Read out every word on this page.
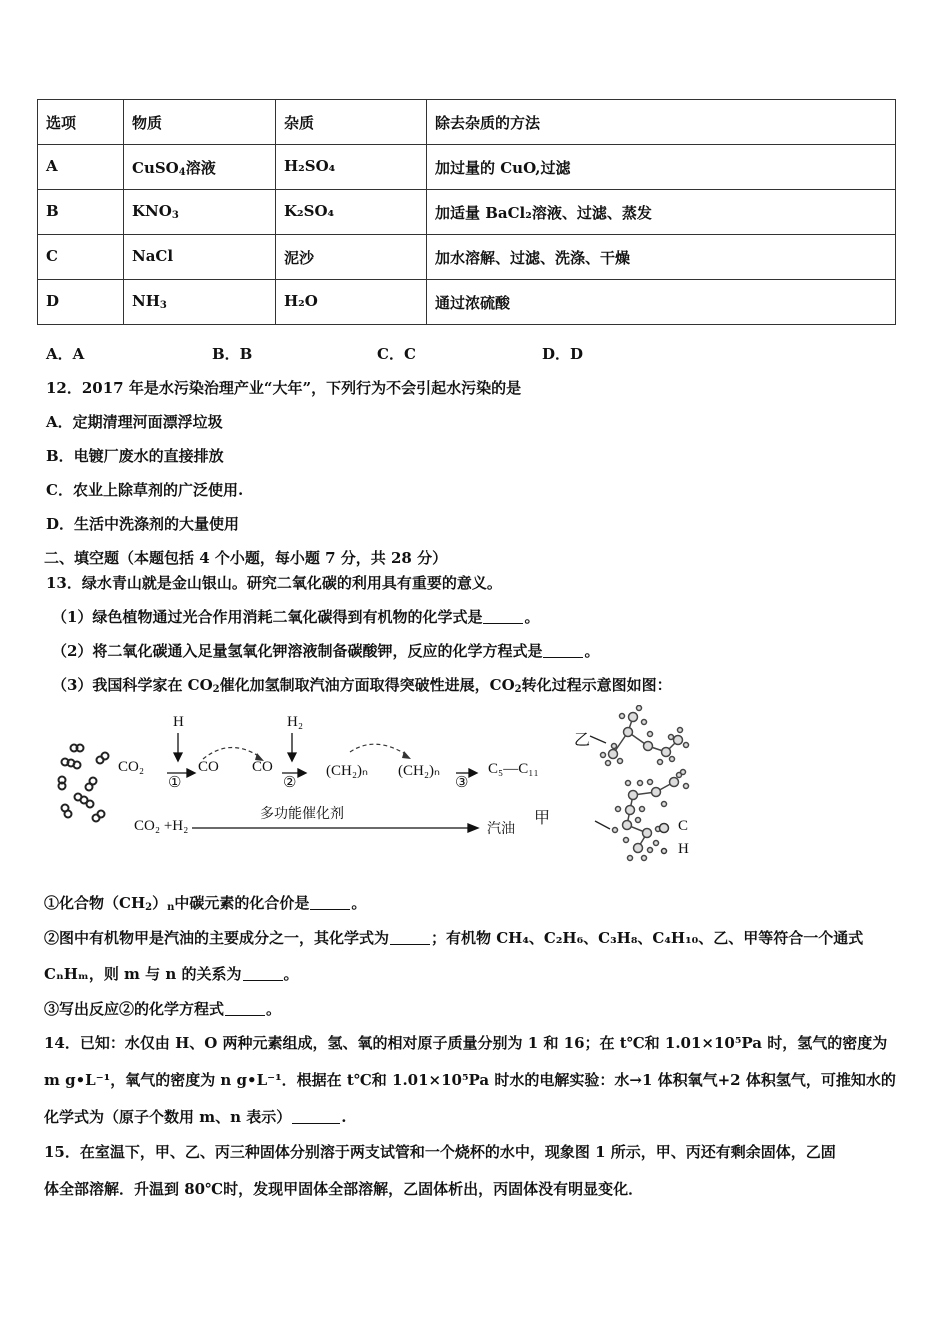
选项	物质	杂质	除去杂质的方法
A	CuSO$_4$溶液	H₂SO₄	加过量的 CuO,过滤
B	$KNO_3$	K₂SO₄	加适量 BaCl₂溶液、过滤、蒸发
C	NaCl	泥沙	加水溶解、过滤、洗涤、干燥
D	$NH_3$	H₂O	通过浓硫酸
A．A	B．B	C．C	D．D
12．2017 年是水污染治理产业“大年”，下列行为不会引起水污染的是
A．定期清理河面漂浮垃圾
B．电镀厂废水的直接排放
C．农业上除草剂的广泛使用.
D．生活中洗涤剂的大量使用
二、填空题（本题包括 4 个小题，每小题 7 分，共 28 分）
13．绿水青山就是金山银山。研究二氧化碳的利用具有重要的意义。
（1）绿色植物通过光合作用消耗二氧化碳得到有机物的化学式是	。
（2）将二氧化碳通入足量氢氧化钾溶液制备碳酸钾，反应的化学方程式是	。
（3）我国科学家在 $CO_2$催化加氢制取汽油方面取得突破性进展，$CO_2$转化过程示意图如图：
CO₂
H
①
CO CO
H₂
②
(CH₂)ₙ (CH₂)ₙ
③
C₅—C₁₁
CO₂ +H₂
多功能催化剂
汽油
乙
甲	C
H
①化合物$(CH_2)_n$中碳元素的化合价是	。
②图中有机物甲是汽油的主要成分之一，其化学式为	；有机物 CH₄、C₂H₆、C₃H₈、C₄H₁₀、乙、甲等符合一个通式
CₙHₘ，则 m 与 n 的关系为	。
③写出反应②的化学方程式	。
14．已知：水仅由 H、O 两种元素组成，氢、氧的相对原子质量分别为 1 和 16；在 t℃和 1.01×10⁵Pa 时，氢气的密度为
m g•L⁻¹，氧气的密度为 n g•L⁻¹．根据在 t℃和 1.01×10⁵Pa 时水的电解实验：水→1 体积氧气+2 体积氢气，可推知水的
化学式为（原子个数用 m、n 表示）	.
15．在室温下，甲、乙、丙三种固体分别溶于两支试管和一个烧杯的水中，现象图 1 所示，甲、丙还有剩余固体，乙固
体全部溶解．升温到 80℃时，发现甲固体全部溶解，乙固体析出，丙固体没有明显变化．
